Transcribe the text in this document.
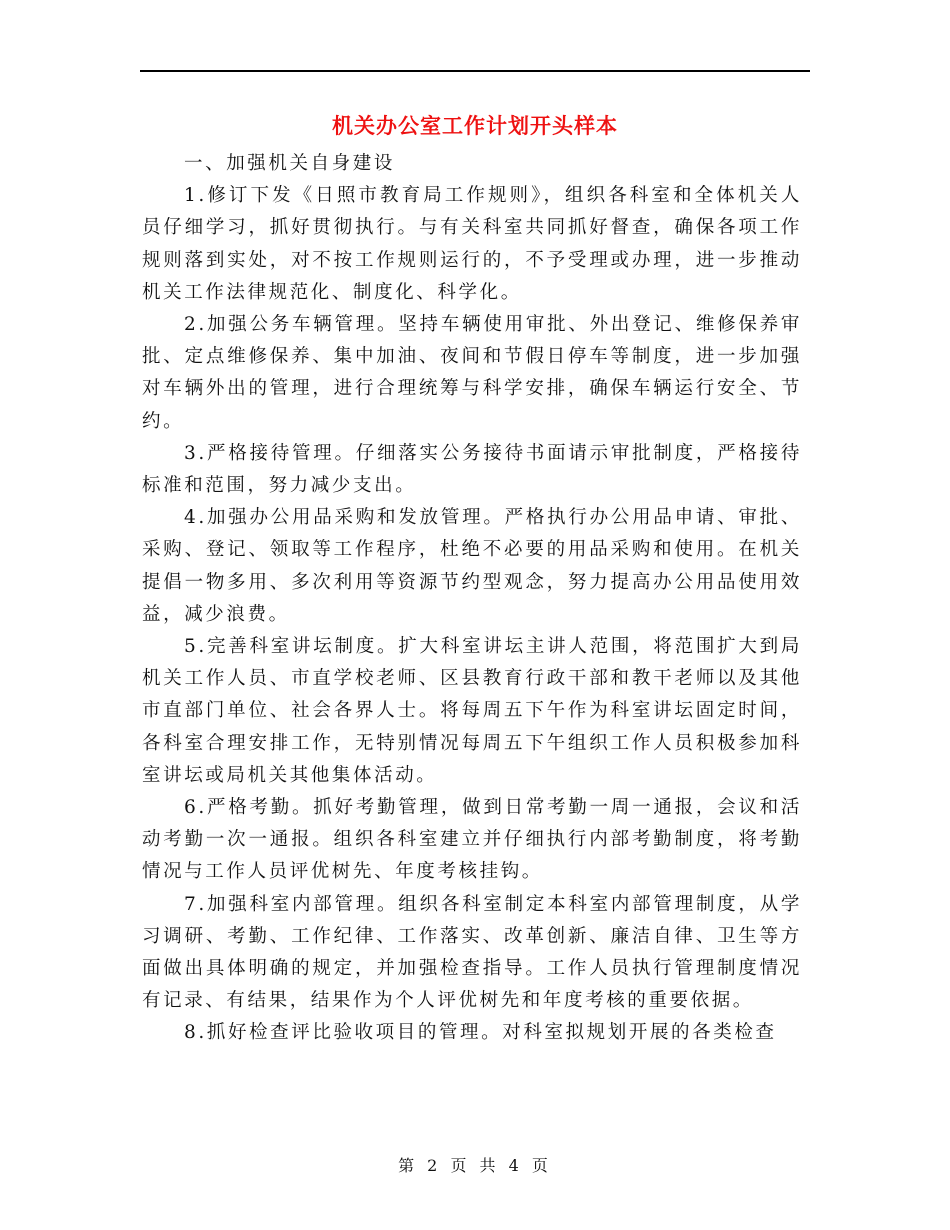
机关办公室工作计划开头样本

一、加强机关自身建设

1.修订下发《日照市教育局工作规则》，组织各科室和全体机关人员仔细学习，抓好贯彻执行。与有关科室共同抓好督查，确保各项工作规则落到实处，对不按工作规则运行的，不予受理或办理，进一步推动机关工作法律规范化、制度化、科学化。

2.加强公务车辆管理。坚持车辆使用审批、外出登记、维修保养审批、定点维修保养、集中加油、夜间和节假日停车等制度，进一步加强对车辆外出的管理，进行合理统筹与科学安排，确保车辆运行安全、节约。

3.严格接待管理。仔细落实公务接待书面请示审批制度，严格接待标准和范围，努力减少支出。

4.加强办公用品采购和发放管理。严格执行办公用品申请、审批、采购、登记、领取等工作程序，杜绝不必要的用品采购和使用。在机关提倡一物多用、多次利用等资源节约型观念，努力提高办公用品使用效益，减少浪费。

5.完善科室讲坛制度。扩大科室讲坛主讲人范围，将范围扩大到局机关工作人员、市直学校老师、区县教育行政干部和教干老师以及其他市直部门单位、社会各界人士。将每周五下午作为科室讲坛固定时间，各科室合理安排工作，无特别情况每周五下午组织工作人员积极参加科室讲坛或局机关其他集体活动。

6.严格考勤。抓好考勤管理，做到日常考勤一周一通报，会议和活动考勤一次一通报。组织各科室建立并仔细执行内部考勤制度，将考勤情况与工作人员评优树先、年度考核挂钩。

7.加强科室内部管理。组织各科室制定本科室内部管理制度，从学习调研、考勤、工作纪律、工作落实、改革创新、廉洁自律、卫生等方面做出具体明确的规定，并加强检查指导。工作人员执行管理制度情况有记录、有结果，结果作为个人评优树先和年度考核的重要依据。

8.抓好检查评比验收项目的管理。对科室拟规划开展的各类检查

第 2 页 共 4 页
